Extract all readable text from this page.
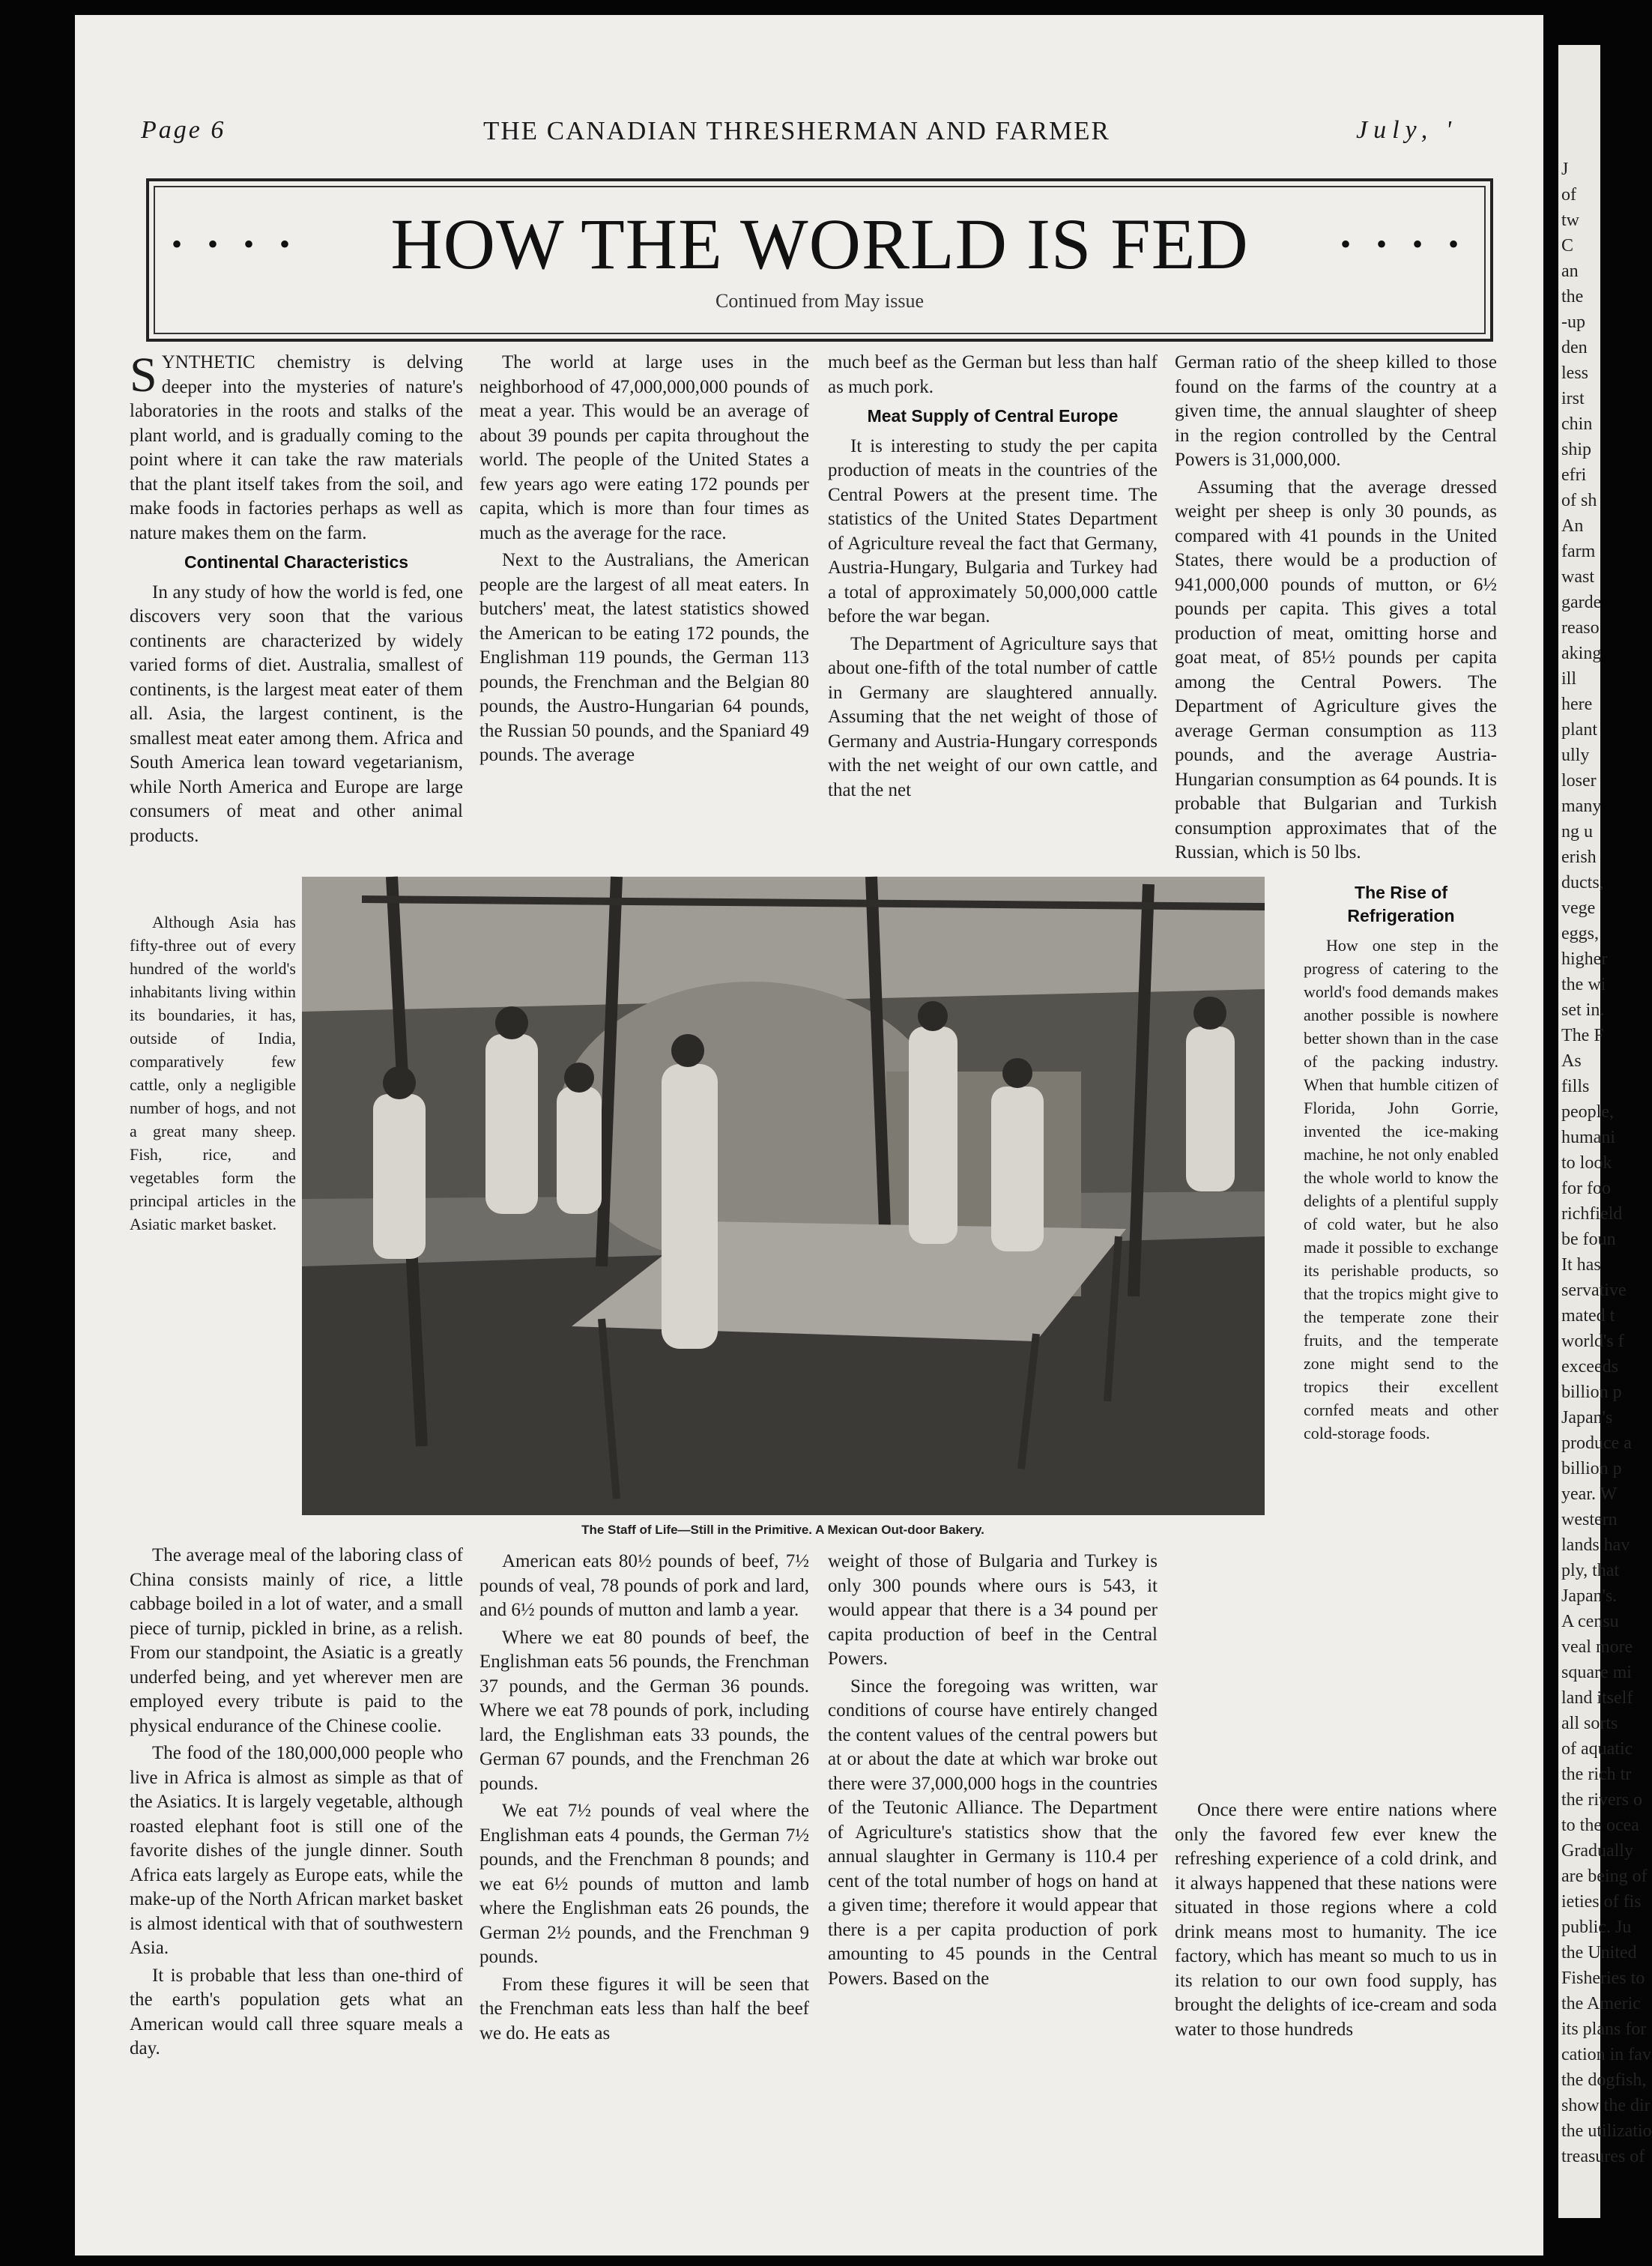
J
of
tw
C
an
the
-up
den
less
irst
chin
ship
efri
of sh
An
farm
wast
garde
reaso
aking
ill
here
plant
ully
loser
many
ng u
erish
ducts,
vege
eggs,
higher
the wi
set in.
The F
As
fills
people,
humani
to look
for foo
richfield
be foun
It has
servative
mated t
world's f
exceeds
billion p
Japan's
produce a
billion p
year. W
western
lands hav
ply, that
Japan's.
A censu
veal more
square mi
land itself
all sorts
of aquatic
the rich tr
the rivers o
to the ocea
Gradually
are being of
ieties of fis
public. Ju
the United
Fisheries to
the Americ
its plans for
cation in fav
the dogfish,
show the dir
the utilizatio
treasures of
Page 6	THE CANADIAN THRESHERMAN AND FARMER	July, '
• • • •	HOW THE WORLD IS FED	• • • •
Continued from May issue

SYNTHETIC chemistry is delving deeper into the mysteries of nature's laboratories in the roots and stalks of the plant world, and is gradually coming to the point where it can take the raw materials that the plant itself takes from the soil, and make foods in factories perhaps as well as nature makes them on the farm.

Continental Characteristics

In any study of how the world is fed, one discovers very soon that the various continents are characterized by widely varied forms of diet. Australia, smallest of continents, is the largest meat eater of them all. Asia, the largest continent, is the smallest meat eater among them. Africa and South America lean toward vegetarianism, while North America and Europe are large consumers of meat and other animal products.

Although Asia has fifty-three out of every hundred of the world's inhabitants living within its boundaries, it has, outside of India, comparatively few cattle, only a negligible number of hogs, and not a great many sheep. Fish, rice, and vegetables form the principal articles in the Asiatic market basket.

The average meal of the laboring class of China consists mainly of rice, a little cabbage boiled in a lot of water, and a small piece of turnip, pickled in brine, as a relish. From our standpoint, the Asiatic is a greatly underfed being, and yet wherever men are employed every tribute is paid to the physical endurance of the Chinese coolie.

The food of the 180,000,000 people who live in Africa is almost as simple as that of the Asiatics. It is largely vegetable, although roasted elephant foot is still one of the favorite dishes of the jungle dinner. South Africa eats largely as Europe eats, while the make-up of the North African market basket is almost identical with that of southwestern Asia.

It is probable that less than one-third of the earth's population gets what an American would call three square meals a day.

The world at large uses in the neighborhood of 47,000,000,000 pounds of meat a year. This would be an average of about 39 pounds per capita throughout the world. The people of the United States a few years ago were eating 172 pounds per capita, which is more than four times as much as the average for the race.

Next to the Australians, the American people are the largest of all meat eaters. In butchers' meat, the latest statistics showed the American to be eating 172 pounds, the Englishman 119 pounds, the German 113 pounds, the Frenchman and the Belgian 80 pounds, the Austro-Hungarian 64 pounds, the Russian 50 pounds, and the Spaniard 49 pounds. The average

American eats 80½ pounds of beef, 7½ pounds of veal, 78 pounds of pork and lard, and 6½ pounds of mutton and lamb a year.

Where we eat 80 pounds of beef, the Englishman eats 56 pounds, the Frenchman 37 pounds, and the German 36 pounds. Where we eat 78 pounds of pork, including lard, the Englishman eats 33 pounds, the German 67 pounds, and the Frenchman 26 pounds.

We eat 7½ pounds of veal where the Englishman eats 4 pounds, the German 7½ pounds, and the Frenchman 8 pounds; and we eat 6½ pounds of mutton and lamb where the Englishman eats 26 pounds, the German 2½ pounds, and the Frenchman 9 pounds.

From these figures it will be seen that the Frenchman eats less than half the beef we do. He eats as

much beef as the German but less than half as much pork.

Meat Supply of Central Europe

It is interesting to study the per capita production of meats in the countries of the Central Powers at the present time. The statistics of the United States Department of Agriculture reveal the fact that Germany, Austria-Hungary, Bulgaria and Turkey had a total of approximately 50,000,000 cattle before the war began.

The Department of Agriculture says that about one-fifth of the total number of cattle in Germany are slaughtered annually. Assuming that the net weight of those of Germany and Austria-Hungary corresponds with the net weight of our own cattle, and that the net

weight of those of Bulgaria and Turkey is only 300 pounds where ours is 543, it would appear that there is a 34 pound per capita production of beef in the Central Powers.

Since the foregoing was written, war conditions of course have entirely changed the content values of the central powers but at or about the date at which war broke out there were 37,000,000 hogs in the countries of the Teutonic Alliance. The Department of Agriculture's statistics show that the annual slaughter in Germany is 110.4 per cent of the total number of hogs on hand at a given time; therefore it would appear that there is a per capita production of pork amounting to 45 pounds in the Central Powers. Based on the

German ratio of the sheep killed to those found on the farms of the country at a given time, the annual slaughter of sheep in the region controlled by the Central Powers is 31,000,000.

Assuming that the average dressed weight per sheep is only 30 pounds, as compared with 41 pounds in the United States, there would be a production of 941,000,000 pounds of mutton, or 6½ pounds per capita. This gives a total production of meat, omitting horse and goat meat, of 85½ pounds per capita among the Central Powers. The Department of Agriculture gives the average German consumption as 113 pounds, and the average Austria-Hungarian consumption as 64 pounds. It is probable that Bulgarian and Turkish consumption approximates that of the Russian, which is 50 lbs.

The Rise of Refrigeration

How one step in the progress of catering to the world's food demands makes another possible is nowhere better shown than in the case of the packing industry. When that humble citizen of Florida, John Gorrie, invented the ice-making machine, he not only enabled the whole world to know the delights of a plentiful supply of cold water, but he also made it possible to exchange its perishable products, so that the tropics might give to the temperate zone their fruits, and the temperate zone might send to the tropics their excellent cornfed meats and other cold-storage foods.

Once there were entire nations where only the favored few ever knew the refreshing experience of a cold drink, and it always happened that these nations were situated in those regions where a cold drink means most to humanity. The ice factory, which has meant so much to us in its relation to our own food supply, has brought the delights of ice-cream and soda water to those hundreds

The Staff of Life—Still in the Primitive. A Mexican Out-door Bakery.
